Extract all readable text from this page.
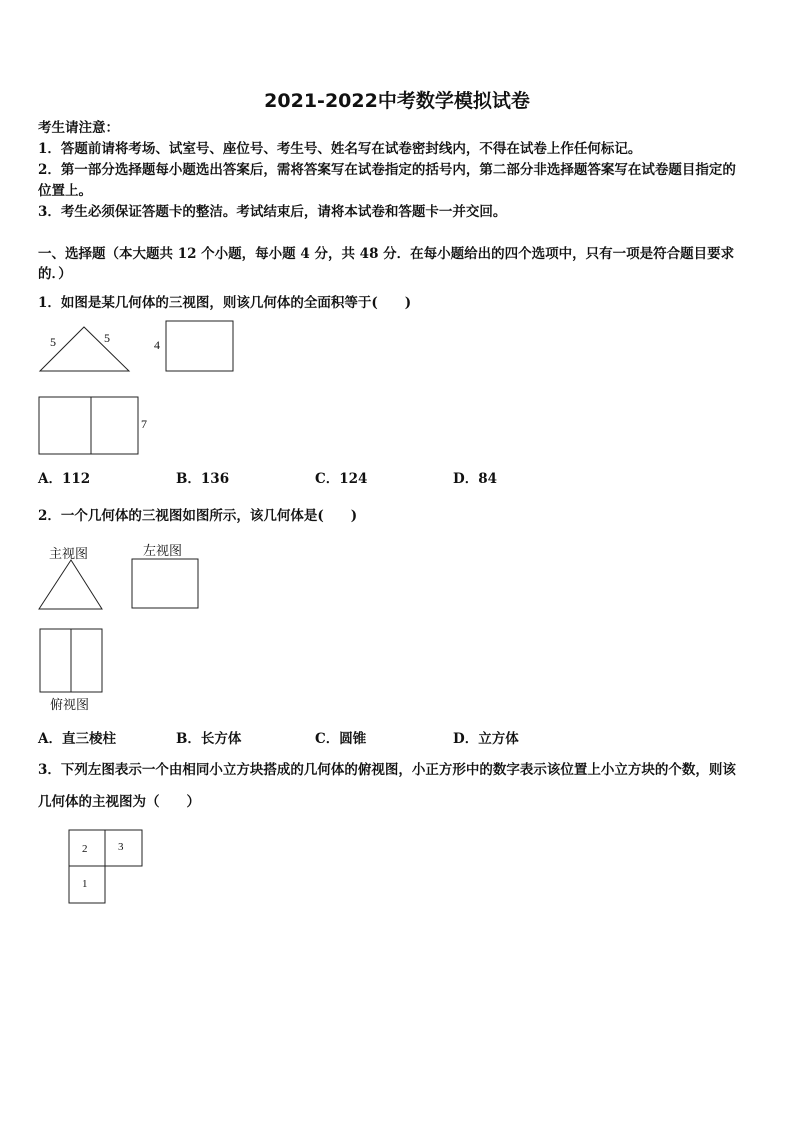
2021-2022中考数学模拟试卷
考生请注意：
1．答题前请将考场、试室号、座位号、考生号、姓名写在试卷密封线内，不得在试卷上作任何标记。
2．第一部分选择题每小题选出答案后，需将答案写在试卷指定的括号内，第二部分非选择题答案写在试卷题目指定的
位置上。
3．考生必须保证答题卡的整洁。考试结束后，请将本试卷和答题卡一并交回。
一、选择题（本大题共 12 个小题，每小题 4 分，共 48 分．在每小题给出的四个选项中，只有一项是符合题目要求
的．）
1．如图是某几何体的三视图，则该几何体的全面积等于(　　)
5	5	4
7
A．112	B．136	C．124	D．84
2．一个几何体的三视图如图所示，该几何体是(　　)
主视图	左视图
俯视图
A．直三棱柱	B．长方体	C．圆锥	D．立方体
3．下列左图表示一个由相同小立方块搭成的几何体的俯视图，小正方形中的数字表示该位置上小立方块的个数，则该
几何体的主视图为（　　）
2	3
1
